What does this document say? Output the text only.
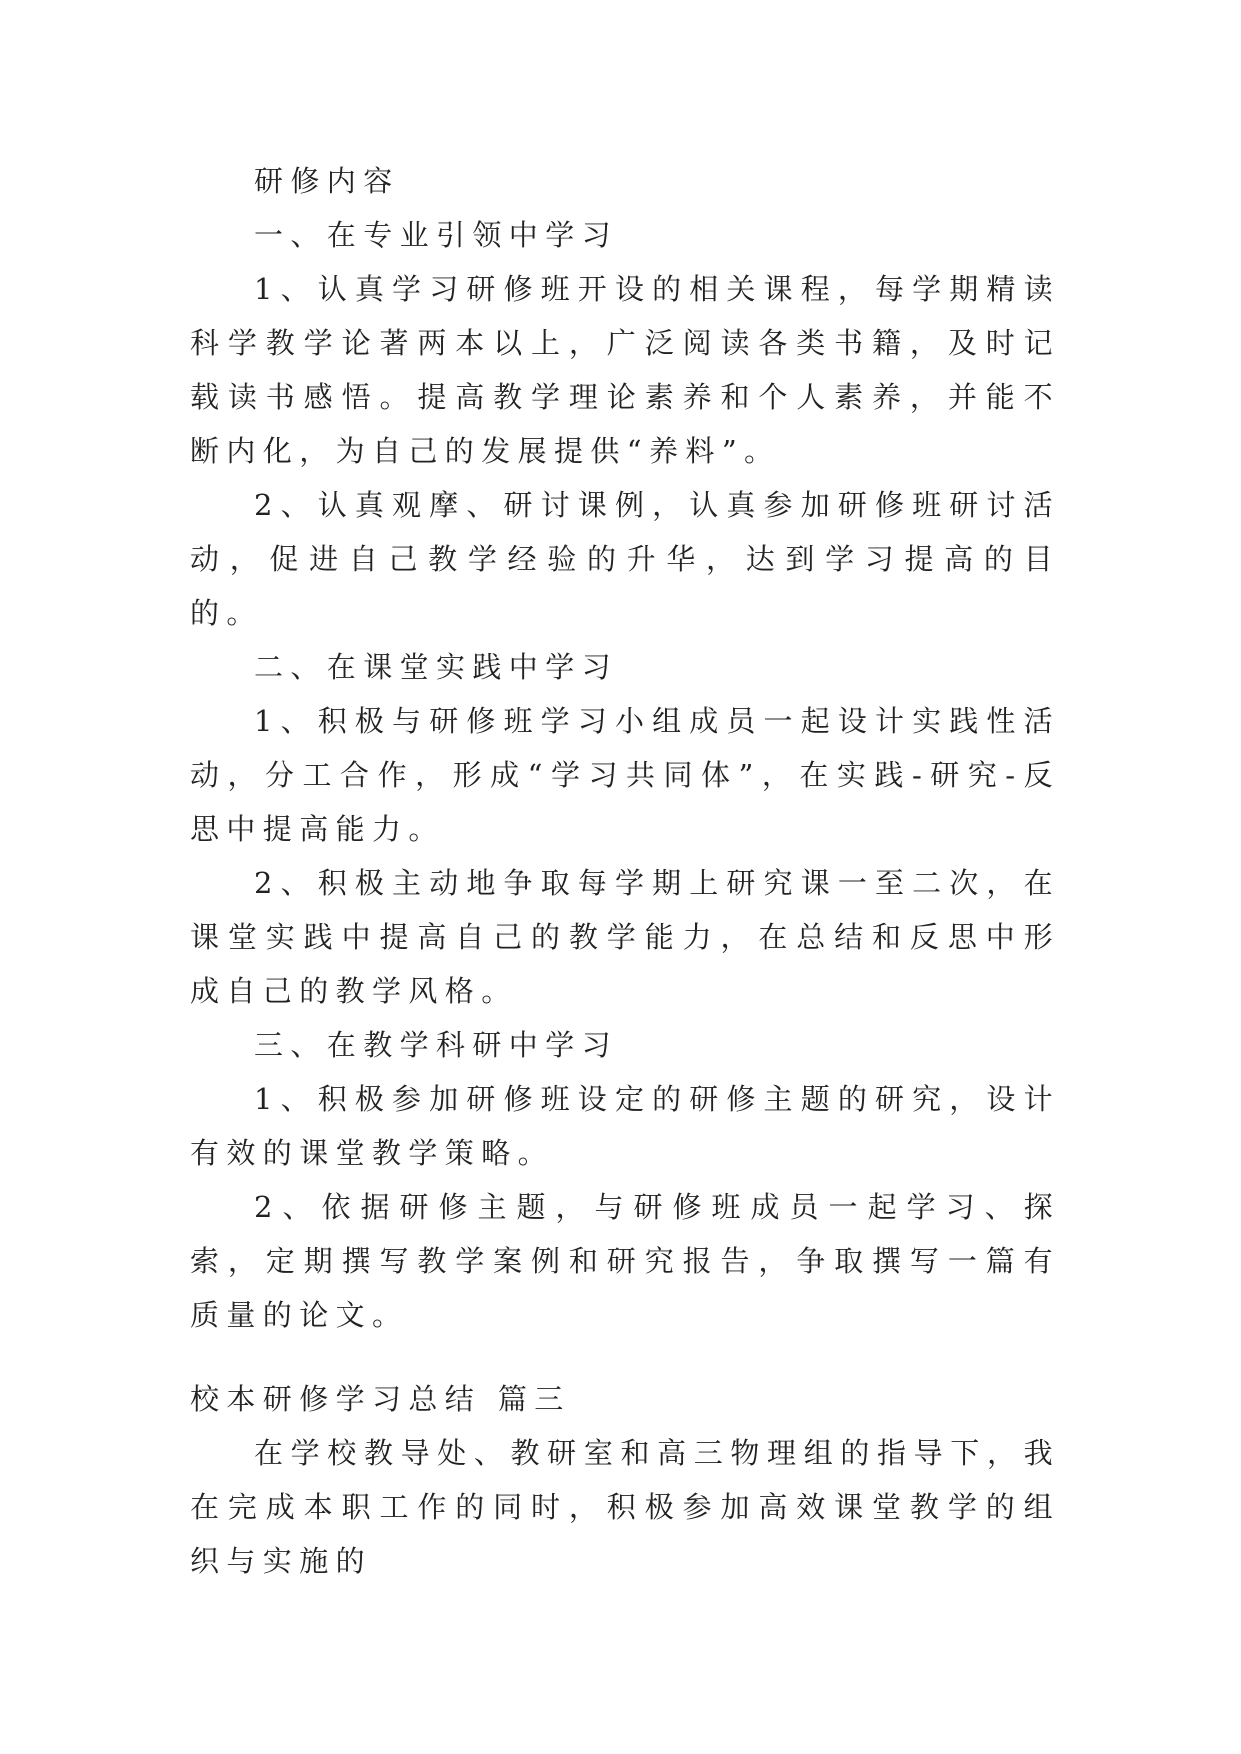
研修内容

一、在专业引领中学习

1、认真学习研修班开设的相关课程，每学期精读科学教学论著两本以上，广泛阅读各类书籍，及时记载读书感悟。提高教学理论素养和个人素养，并能不断内化，为自己的发展提供“养料”。

2、认真观摩、研讨课例，认真参加研修班研讨活动，促进自己教学经验的升华，达到学习提高的目的。

二、在课堂实践中学习

1、积极与研修班学习小组成员一起设计实践性活动，分工合作，形成“学习共同体”，在实践-研究-反思中提高能力。

2、积极主动地争取每学期上研究课一至二次，在课堂实践中提高自己的教学能力，在总结和反思中形成自己的教学风格。

三、在教学科研中学习

1、积极参加研修班设定的研修主题的研究，设计有效的课堂教学策略。

2、依据研修主题，与研修班成员一起学习、探索，定期撰写教学案例和研究报告，争取撰写一篇有质量的论文。

校本研修学习总结 篇三

在学校教导处、教研室和高三物理组的指导下，我在完成本职工作的同时，积极参加高效课堂教学的组织与实施的
